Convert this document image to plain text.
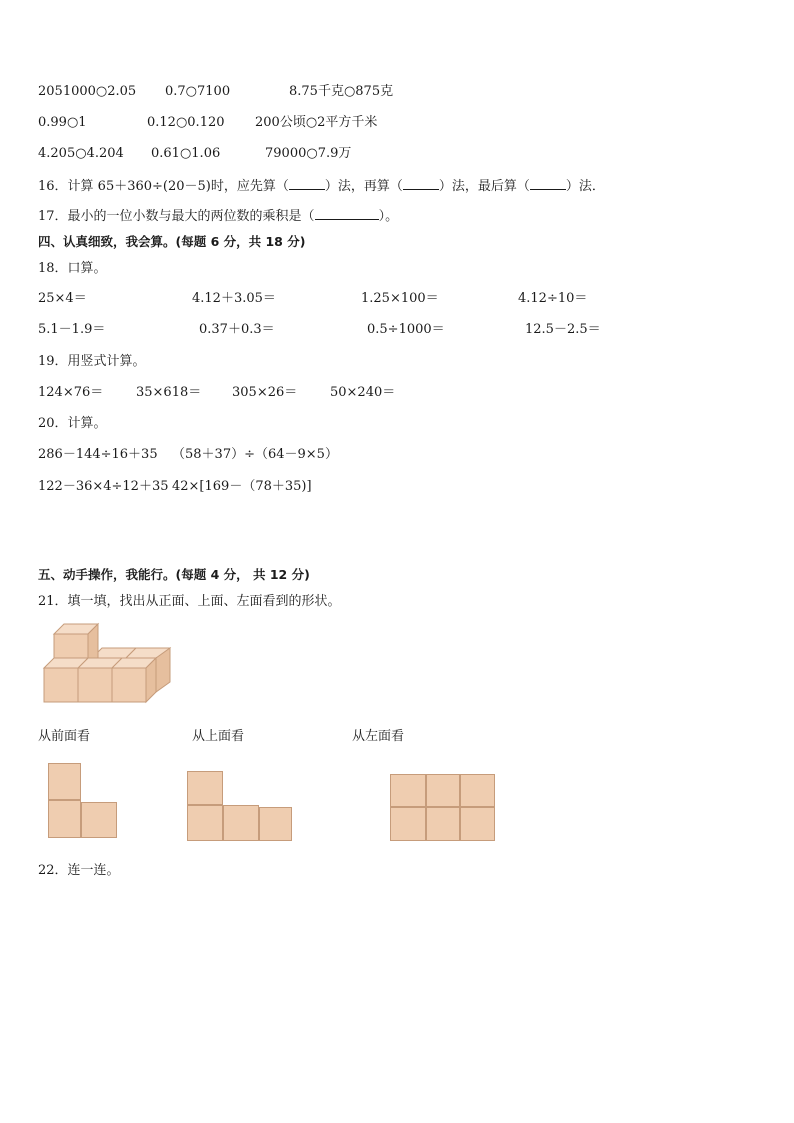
2051000○2.05 0.7○7100	8.75千克○875克
0.99○1	0.12○0.120 200公顷○2平方千米
4.205○4.204 0.61○1.06	79000○7.9万
16．计算 65＋360÷(20－5)时，应先算（	）法，再算（	）法，最后算（	）法．
17．最小的一位小数与最大的两位数的乘积是（	）。
四、认真细致，我会算。(每题 6 分，共 18 分)
18．口算。
25×4＝	4.12＋3.05＝	1.25×100＝	4.12÷10＝
5.1－1.9＝	0.37＋0.3＝	0.5÷1000＝	12.5－2.5＝
19．用竖式计算。
124×76＝	35×618＝ 305×26＝	50×240＝
20．计算。
286－144÷16＋35 （58＋37）÷（64－9×5）
122－36×4÷12＋35 42×[169－（78＋35)]
五、动手操作，我能行。(每题 4 分， 共 12 分)
21．填一填，找出从正面、上面、左面看到的形状。
从前面看	从上面看	从左面看
22．连一连。
